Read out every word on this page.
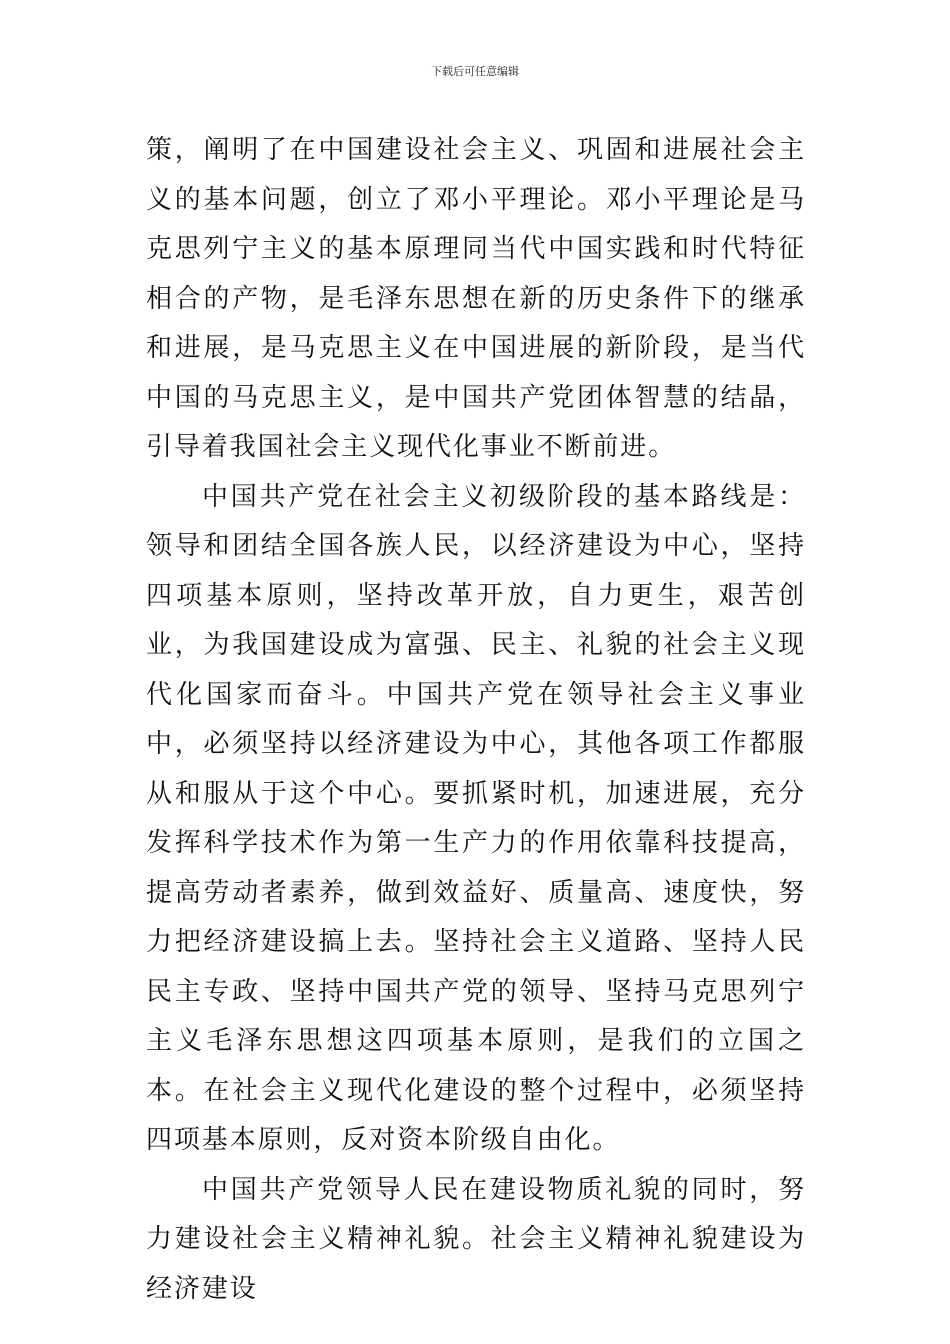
下载后可任意编辑

策，阐明了在中国建设社会主义、巩固和进展社会主义的基本问题，创立了邓小平理论。邓小平理论是马克思列宁主义的基本原理同当代中国实践和时代特征相合的产物，是毛泽东思想在新的历史条件下的继承和进展，是马克思主义在中国进展的新阶段，是当代中国的马克思主义，是中国共产党团体智慧的结晶，引导着我国社会主义现代化事业不断前进。

中国共产党在社会主义初级阶段的基本路线是：领导和团结全国各族人民，以经济建设为中心，坚持四项基本原则，坚持改革开放，自力更生，艰苦创业，为我国建设成为富强、民主、礼貌的社会主义现代化国家而奋斗。中国共产党在领导社会主义事业中，必须坚持以经济建设为中心，其他各项工作都服从和服从于这个中心。要抓紧时机，加速进展，充分发挥科学技术作为第一生产力的作用依靠科技提高，提高劳动者素养，做到效益好、质量高、速度快，努力把经济建设搞上去。坚持社会主义道路、坚持人民民主专政、坚持中国共产党的领导、坚持马克思列宁主义毛泽东思想这四项基本原则，是我们的立国之本。在社会主义现代化建设的整个过程中，必须坚持四项基本原则，反对资本阶级自由化。

中国共产党领导人民在建设物质礼貌的同时，努力建设社会主义精神礼貌。社会主义精神礼貌建设为经济建设
